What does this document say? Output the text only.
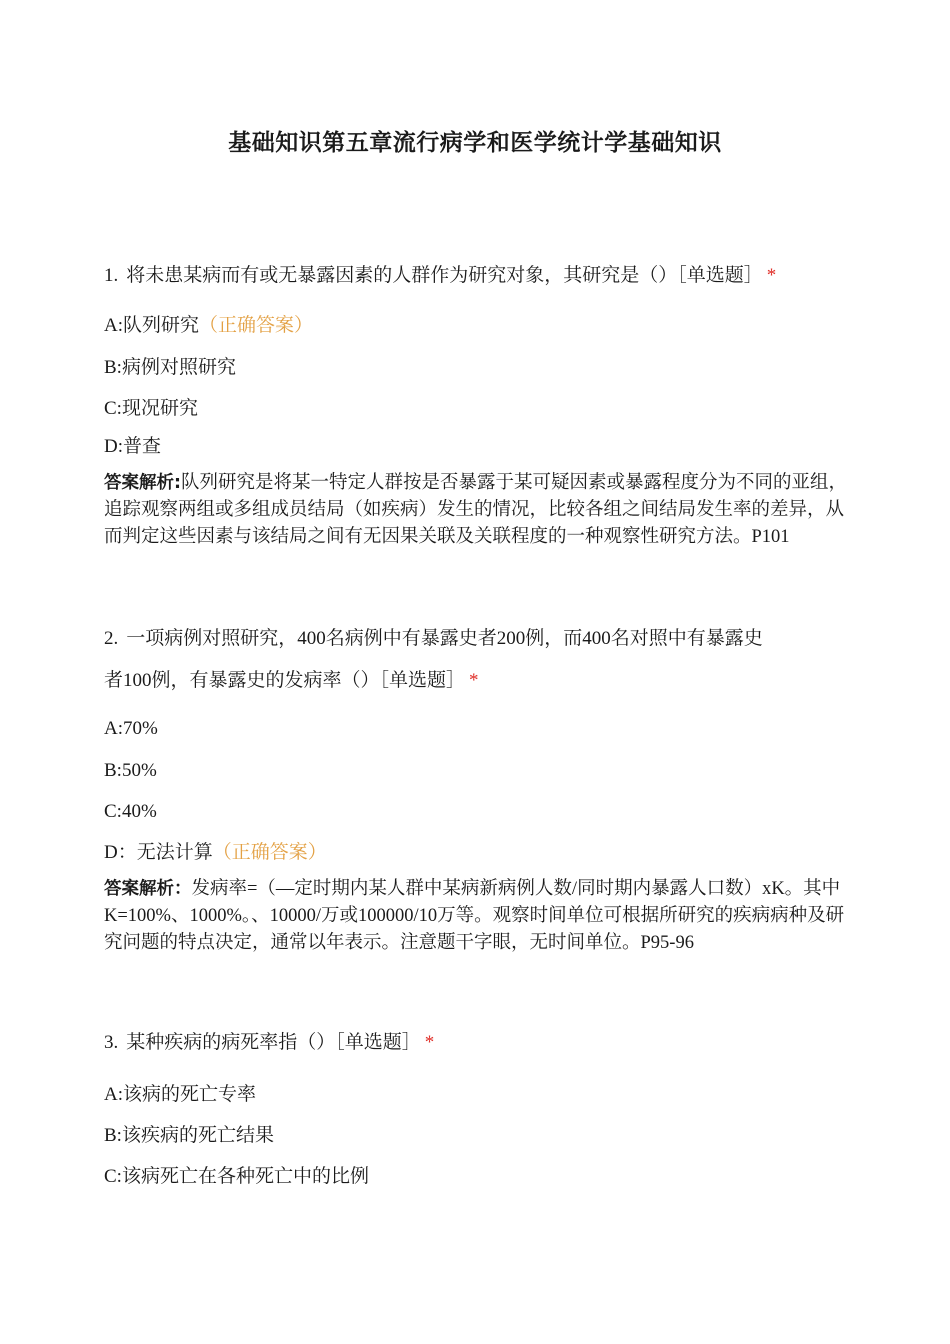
基础知识第五章流行病学和医学统计学基础知识
1. 将未患某病而有或无暴露因素的人群作为研究对象，其研究是（）［单选题］ *
A:队列研究（正确答案）
B:病例对照研究
C:现况研究
D:普查
答案解析:队列研究是将某一特定人群按是否暴露于某可疑因素或暴露程度分为不同的亚组，追踪观察两组或多组成员结局（如疾病）发生的情况，比较各组之间结局发生率的差异，从而判定这些因素与该结局之间有无因果关联及关联程度的一种观察性研究方法。P101
2. 一项病例对照研究，400名病例中有暴露史者200例，而400名对照中有暴露史
者100例，有暴露史的发病率（）［单选题］ *
A:70%
B:50%
C:40%
D：无法计算（正确答案）
答案解析：发病率=（—定时期内某人群中某病新病例人数/同时期内暴露人口数）xK。其中K=100%、1000%。、10000/万或100000/10万等。观察时间单位可根据所研究的疾病病种及研究问题的特点决定，通常以年表示。注意题干字眼，无时间单位。P95-96
3. 某种疾病的病死率指（）［单选题］ *
A:该病的死亡专率
B:该疾病的死亡结果
C:该病死亡在各种死亡中的比例
